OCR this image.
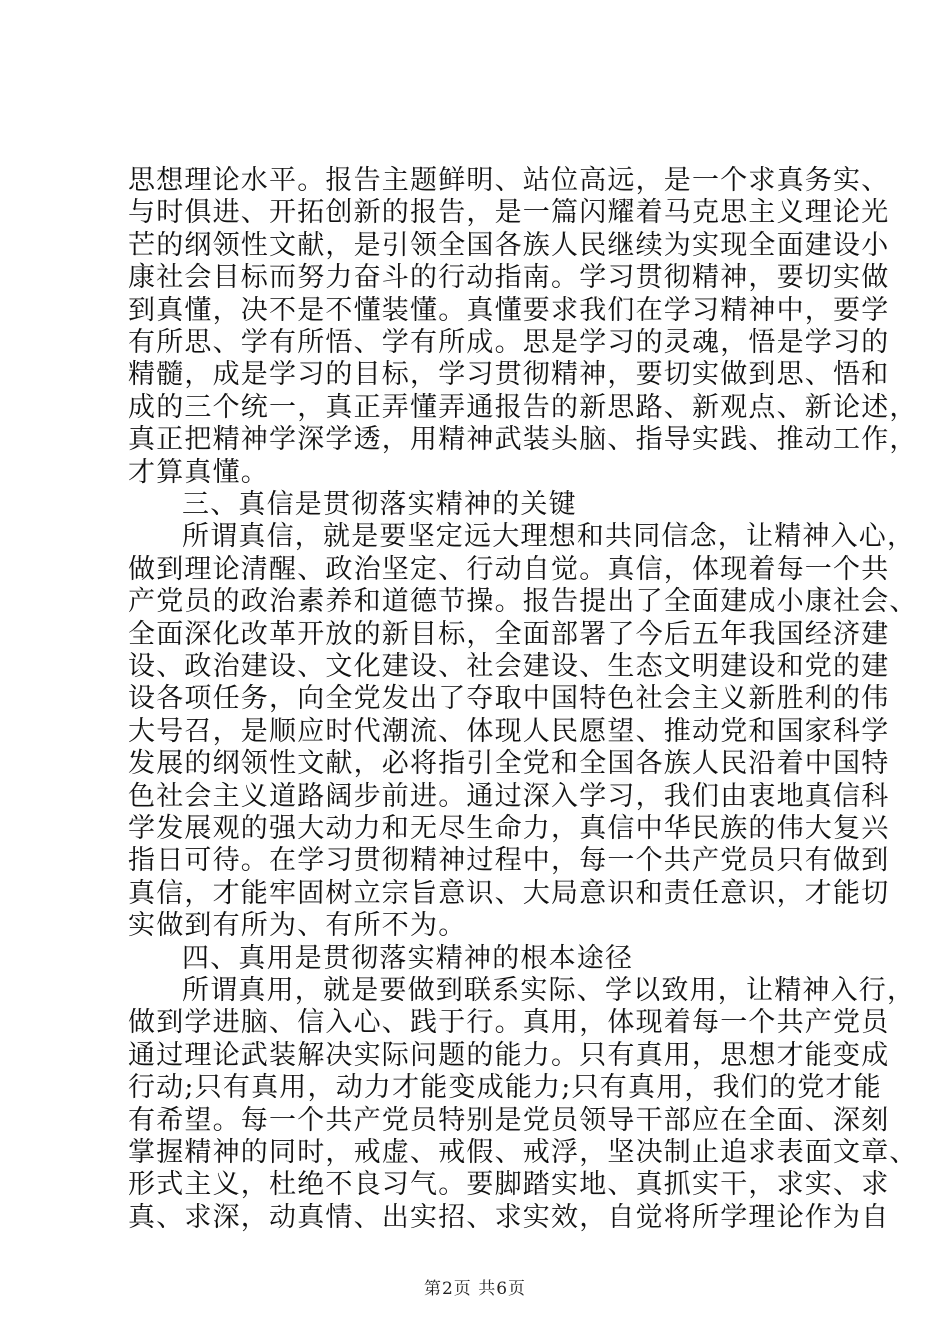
思想理论水平。报告主题鲜明、站位高远，是一个求真务实、
与时俱进、开拓创新的报告，是一篇闪耀着马克思主义理论光
芒的纲领性文献，是引领全国各族人民继续为实现全面建设小
康社会目标而努力奋斗的行动指南。学习贯彻精神，要切实做
到真懂，决不是不懂装懂。真懂要求我们在学习精神中，要学
有所思、学有所悟、学有所成。思是学习的灵魂，悟是学习的
精髓，成是学习的目标，学习贯彻精神，要切实做到思、悟和
成的三个统一，真正弄懂弄通报告的新思路、新观点、新论述，
真正把精神学深学透，用精神武装头脑、指导实践、推动工作，
才算真懂。
三、真信是贯彻落实精神的关键
所谓真信，就是要坚定远大理想和共同信念，让精神入心，
做到理论清醒、政治坚定、行动自觉。真信，体现着每一个共
产党员的政治素养和道德节操。报告提出了全面建成小康社会、
全面深化改革开放的新目标，全面部署了今后五年我国经济建
设、政治建设、文化建设、社会建设、生态文明建设和党的建
设各项任务，向全党发出了夺取中国特色社会主义新胜利的伟
大号召，是顺应时代潮流、体现人民愿望、推动党和国家科学
发展的纲领性文献，必将指引全党和全国各族人民沿着中国特
色社会主义道路阔步前进。通过深入学习，我们由衷地真信科
学发展观的强大动力和无尽生命力，真信中华民族的伟大复兴
指日可待。在学习贯彻精神过程中，每一个共产党员只有做到
真信，才能牢固树立宗旨意识、大局意识和责任意识，才能切
实做到有所为、有所不为。
四、真用是贯彻落实精神的根本途径
所谓真用，就是要做到联系实际、学以致用，让精神入行，
做到学进脑、信入心、践于行。真用，体现着每一个共产党员
通过理论武装解决实际问题的能力。只有真用，思想才能变成
行动;只有真用，动力才能变成能力;只有真用，我们的党才能
有希望。每一个共产党员特别是党员领导干部应在全面、深刻
掌握精神的同时，戒虚、戒假、戒浮，坚决制止追求表面文章、
形式主义，杜绝不良习气。要脚踏实地、真抓实干，求实、求
真、求深，动真情、出实招、求实效，自觉将所学理论作为自
第2页 共6页
